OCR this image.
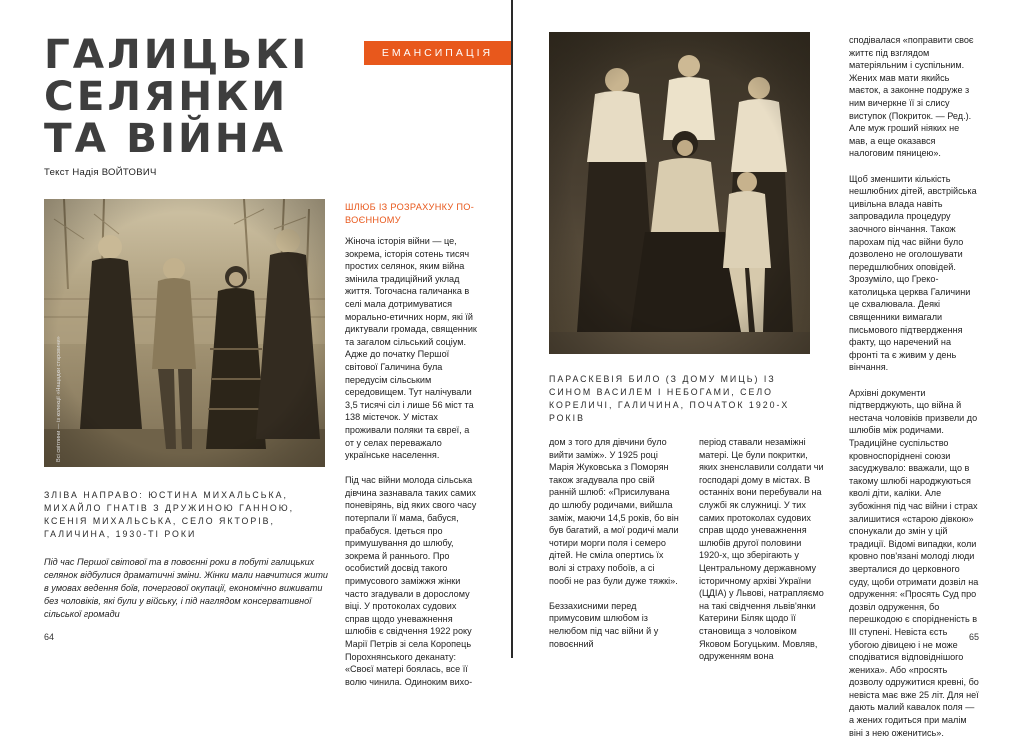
ГАЛИЦЬКІ
СЕЛЯНКИ
ТА ВІЙНА
Текст Надія ВОЙТОВИЧ
ЕМАНСИПАЦІЯ
Всі світлини — із колекції «Нащадки старовини»
ЗЛІВА НАПРАВО: ЮСТИНА МИХАЛЬСЬКА, МИХАЙЛО ГНАТІВ З ДРУЖИНОЮ ГАННОЮ, КСЕНІЯ МИХАЛЬСЬКА, СЕЛО ЯКТОРІВ, ГАЛИЧИНА, 1930-ТІ РОКИ

Під час Першої світової та в повоєнні роки в побуті галицьких селянок відбулися драматичні зміни. Жінки мали навчитися жити в умовах ведення боїв, почергової окупації, економічно виживати без чоловіків, які були у війську, і під наглядом консервативної сільської громади

ШЛЮБ ІЗ РОЗРАХУНКУ ПО-ВОЄННОМУ

Жіноча історія війни — це, зокрема, історія сотень тисяч простих селянок, яким війна змінила традиційний уклад життя. Тогочасна галичанка в селі мала дотримуватися морально-етичних норм, які їй диктували громада, священник та загалом сільський соціум. Адже до початку Першої світової Галичина була передусім сільським середовищем. Тут налічували 3,5 тисячі сіл і лише 56 міст та 138 містечок. У містах проживали поляки та євреї, а от у селах переважало українське населення.

Під час війни молода сільська дівчина зазнавала таких самих поневірянь, від яких свого часу потерпали її мама, бабуся, прабабуся. Ідеться про примушування до шлюбу, зокрема й раннього. Про особистий досвід такого примусового заміжжя жінки часто згадували в дорослому віці. У протоколах судових справ щодо уневажнення шлюбів є свідчення 1922 року Марії Петрів зі села Коропець Порохнянського деканату: «Своєї матері боялась, все її волю чинила. Одиноким вихо-

64
ПАРАСКЕВІЯ БИЛО (З ДОМУ МИЦЬ) ІЗ СИНОМ ВАСИЛЕМ І НЕБОГАМИ, СЕЛО КОРЕЛИЧІ, ГАЛИЧИНА, ПОЧАТОК 1920-Х РОКІВ

дом з того для дівчини було вийти заміж». У 1925 році Марія Жуковська з Поморян також згадувала про свій ранній шлюб: «Присилувана до шлюбу родичами, вийшла заміж, маючи 14,5 років, бо він був багатий, а мої родичі мали чотири морги поля і семеро дітей. Не сміла опертись їх волі зі страху побоїв, а сі пообі не раз були дуже тяжкі».

Беззахисними перед примусовим шлюбом із нелюбом під час війни й у повоєнний

період ставали незаміжні матері. Це були покритки, яких зненславили солдати чи господарі дому в містах. В останніх вони перебували на службі як служниці. У тих самих протоколах судових справ щодо уневажнення шлюбів другої половини 1920-х, що зберігають у Центральному державному історичному архіві України (ЦДІА) у Львові, натрапляємо на такі свідчення львів'янки Катерини Біляк щодо її становища з чоловіком Яковом Богуцьким. Мовляв, одруженням вона

сподівалася «поправити своє життє під взглядом матеріяльним і суспільним. Жених мав мати якийсь маєток, а законне подруже з ним вичеркне її зі слису виступок (Покриток. — Ред.). Але муж гроший ніяких не мав, а еще оказався налоговим пяницею».

Щоб зменшити кількість нешлюбних дітей, австрійська цивільна влада навіть запровадила процедуру заочного вінчання. Також парохам під час війни було дозволено не оголошувати передшлюбних оповідей. Зрозуміло, що Греко-католицька церква Галичини це схвалювала. Деякі священники вимагали письмового підтвердження факту, що наречений на фронті та є живим у день вінчання.

Архівні документи підтверджують, що війна й нестача чоловіків призвели до шлюбів між родичами. Традиційне суспільство кровноспоріднені союзи засуджувало: вважали, що в такому шлюбі народжуються кволі діти, каліки. Але зубожіння під час війни і страх залишитися «старою дівкою» спонукали до змін у цій традиції. Відомі випадки, коли кровно пов'язані молоді люди зверталися до церковного суду, щоби отримати дозвіл на одруження: «Просять Суд про дозвіл одруження, бо перешкодою є спорідненість в III ступені. Невіста єсть убогою дівицею і не може сподіватися відповіднішого жениха». Або «просять дозволу одружитися кревні, бо невіста має вже 25 літ. Для неї дають малий кавалок поля — а жених годиться при малім віні з нею оженитись».

65
